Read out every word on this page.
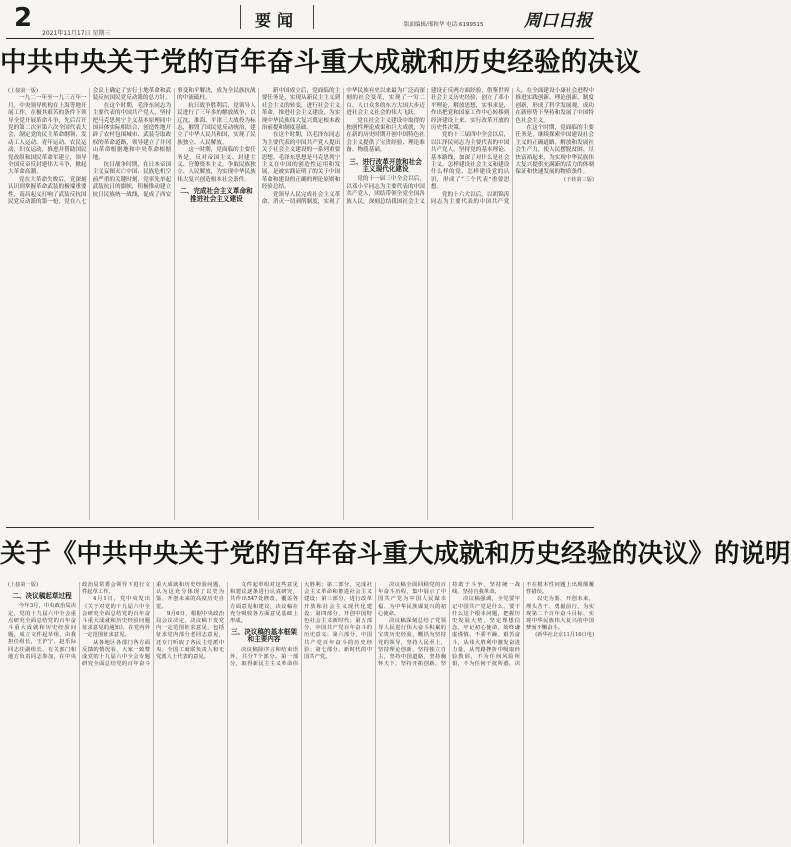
2
2021年11月17日 星期三
要闻	版面编辑/邢秋华 电话:6199515 周口日报
中共中央关于党的百年奋斗重大成就和历史经验的决议

(上接第一版)

一九二一年至一九三五年一月，中央领导机构在上海等地开展工作，在极其艰苦的条件下领导全党开展革命斗争，先后召开党的第二次至第六次全国代表大会，制定党的民主革命纲领，发动工人运动、青年运动、农民运动、妇女运动，推进并帮助国民党改组和国民革命军建立，领导全国反帝反封建伟大斗争，掀起大革命高潮。

党在大革命失败后，党深刻认识到掌握革命武装的极端重要性，南昌起义打响了武装反抗国民党反动派的第一枪，党在八七会议上确定了实行土地革命和武装反抗国民党反动派的总方针。

在这个时期，毛泽东同志为主要代表的中国共产党人，坚持把马克思列宁主义基本原理同中国具体实际相结合，创造性地开辟了农村包围城市、武装夺取政权的革命道路，领导建立了井冈山革命根据地和中央革命根据地。

抗日战争时期，在日本帝国主义妄图灭亡中国、民族危机空前严重的关键时刻，党率先举起武装抗日的旗帜，积极推动建立抗日民族统一战线，促成了西安事变和平解决，成为全民族抗战的中流砥柱。

抗日战争胜利后，党领导人民进行了三年多的解放战争，以辽沈、淮海、平津三大战役为标志，摧毁了国民党反动统治，建立了中华人民共和国，实现了民族独立、人民解放。

这一时期，党面临的主要任务是，反对帝国主义、封建主义、官僚资本主义，争取民族独立、人民解放，为实现中华民族伟大复兴创造根本社会条件。

二、完成社会主义革命和推进社会主义建设

新中国成立后，党面临的主要任务是，实现从新民主主义到社会主义的转变，进行社会主义革命，推进社会主义建设，为实现中华民族伟大复兴奠定根本政治前提和制度基础。

在这个时期，以毛泽东同志为主要代表的中国共产党人提出关于社会主义建设的一系列重要思想。毛泽东思想是马克思列宁主义在中国的创造性运用和发展，是被实践证明了的关于中国革命和建设的正确的理论原则和经验总结。

党领导人民完成社会主义革命，消灭一切剥削制度，实现了中华民族有史以来最为广泛而深刻的社会变革，实现了一穷二白、人口众多的东方大国大步迈进社会主义社会的伟大飞跃。

党在社会主义建设中取得的独创性理论成果和巨大成就，为在新的历史时期开创中国特色社会主义提供了宝贵经验、理论准备、物质基础。

三、进行改革开放和社会主义现代化建设

党的十一届三中全会以后，以邓小平同志为主要代表的中国共产党人，团结带领全党全国各族人民，深刻总结我国社会主义建设正反两方面经验，借鉴世界社会主义历史经验，创立了邓小平理论，解放思想，实事求是，作出把党和国家工作中心转移到经济建设上来、实行改革开放的历史性决策。

党的十三届四中全会以后，以江泽民同志为主要代表的中国共产党人，坚持党的基本理论、基本路线，加深了对什么是社会主义、怎样建设社会主义和建设什么样的党、怎样建设党的认识，形成了“三个代表”重要思想。

党的十六大以后，以胡锦涛同志为主要代表的中国共产党人，在全面建设小康社会进程中推进实践创新、理论创新、制度创新，形成了科学发展观，成功在新形势下坚持和发展了中国特色社会主义。

在这个时期，党面临的主要任务是，继续探索中国建设社会主义的正确道路，解放和发展社会生产力，使人民摆脱贫困、尽快富裕起来，为实现中华民族伟大复兴提供充满新的活力的体制保证和快速发展的物质条件。

(下转第三版)

关于《中共中央关于党的百年奋斗重大成就和历史经验的决议》的说明

(上接第一版)

二、决议稿起草过程

今年3月，中央政治局决定，党的十九届六中全会重点研究全面总结党的百年奋斗重大成就和历史经验问题，成立文件起草组，由我担任组长，王沪宁、赵乐际同志任副组长，有关部门和地方负责同志参加，在中央政治局常委会领导下进行文件起草工作。

4月1日，党中央发出《关于对党的十九届六中全会研究全面总结党的百年奋斗重大成就和历史经验问题征求意见的通知》，在党内外一定范围征求意见。

从各地区各部门各方面反馈的情况看，大家一致赞成党的十九届六中全会专题研究全面总结党的百年奋斗重大成就和历史经验问题，认为这充分体现了以史为鉴、开创未来的高度历史自觉。

9月6日，根据中央政治局会议决定，决议稿下发党内一定范围征求意见，包括征求党内部分老同志意见，还专门听取了各民主党派中央、全国工商联负责人和无党派人士代表的意见。

文件起草组对这些意见和建议逐条进行认真研究，共作出547处修改，覆盖各方面意见和建议，决议稿在充分吸收各方面意见基础上形成。

三、决议稿的基本框架和主要内容

决议稿除序言和结束语外，共分7个部分。第一部分，取得新民主主义革命伟大胜利；第二部分，完成社会主义革命和推进社会主义建设；第三部分，进行改革开放和社会主义现代化建设；第四部分，开创中国特色社会主义新时代；第五部分，中国共产党百年奋斗的历史意义；第六部分，中国共产党百年奋斗的历史经验；第七部分，新时代的中国共产党。

决议稿全面回顾党的百年奋斗历程，集中展示了中国共产党为中国人民谋幸福、为中华民族谋复兴的初心使命。

决议稿深刻总结了党领导人民进行伟大奋斗积累的宝贵历史经验，概括为坚持党的领导，坚持人民至上，坚持理论创新，坚持独立自主，坚持中国道路，坚持胸怀天下，坚持开拓创新，坚持敢于斗争，坚持统一战线，坚持自我革命。

决议稿强调，全党要牢记中国共产党是什么、要干什么这个根本问题，把握历史发展大势，坚定理想信念，牢记初心使命，始终谦虚谨慎、不骄不躁、艰苦奋斗，从伟大胜利中激发奋进力量，从弯路挫折中吸取经验教训，不为任何风险所惧，不为任何干扰所惑，决不在根本性问题上出现颠覆性错误。

以史为鉴、开创未来，埋头苦干、勇毅前行，为实现第二个百年奋斗目标、实现中华民族伟大复兴的中国梦而不懈奋斗。

(新华社北京11月16日电)
